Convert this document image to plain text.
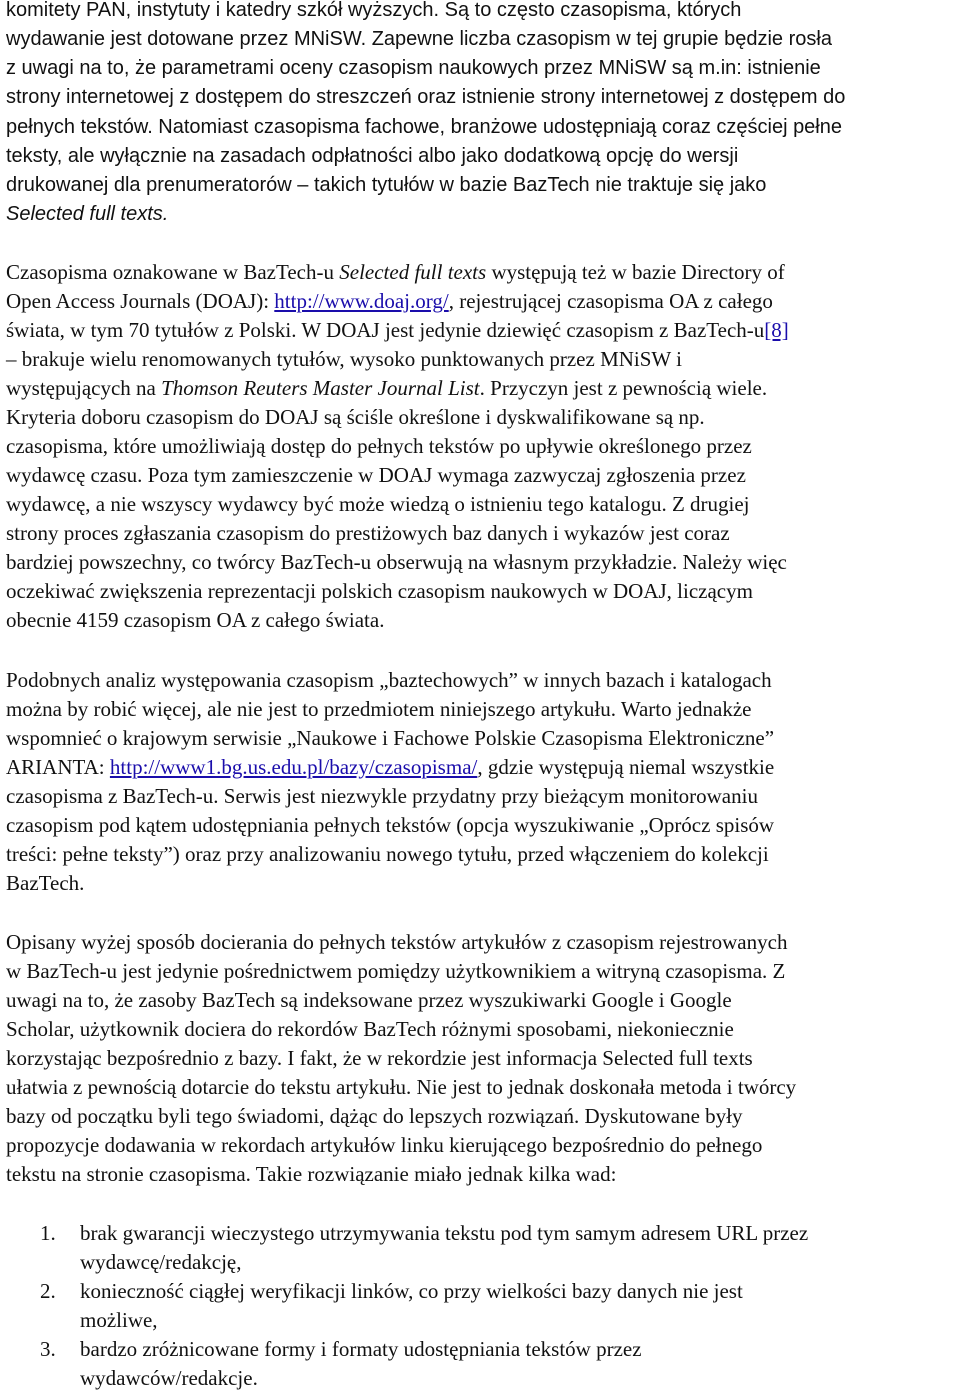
komitety PAN, instytuty i katedry szkół wyższych. Są to często czasopisma, których
wydawanie jest dotowane przez MNiSW. Zapewne liczba czasopism w tej grupie będzie rosła
z uwagi na to, że parametrami oceny czasopism naukowych przez MNiSW są m.in: istnienie
strony internetowej z dostępem do streszczeń oraz istnienie strony internetowej z dostępem do
pełnych tekstów. Natomiast czasopisma fachowe, branżowe udostępniają coraz częściej pełne
teksty, ale wyłącznie na zasadach odpłatności albo jako dodatkową opcję do wersji
drukowanej dla prenumeratorów – takich tytułów w bazie BazTech nie traktuje się jako
Selected full texts.
Czasopisma oznakowane w BazTech-u Selected full texts występują też w bazie Directory of
Open Access Journals (DOAJ): http://www.doaj.org/, rejestrującej czasopisma OA z całego
świata, w tym 70 tytułów z Polski. W DOAJ jest jedynie dziewięć czasopism z BazTech-u[8]
– brakuje wielu renomowanych tytułów, wysoko punktowanych przez MNiSW i
występujących na Thomson Reuters Master Journal List. Przyczyn jest z pewnością wiele.
Kryteria doboru czasopism do DOAJ są ściśle określone i dyskwalifikowane są np.
czasopisma, które umożliwiają dostęp do pełnych tekstów po upływie określonego przez
wydawcę czasu. Poza tym zamieszczenie w DOAJ wymaga zazwyczaj zgłoszenia przez
wydawcę, a nie wszyscy wydawcy być może wiedzą o istnieniu tego katalogu. Z drugiej
strony proces zgłaszania czasopism do prestiżowych baz danych i wykazów jest coraz
bardziej powszechny, co twórcy BazTech-u obserwują na własnym przykładzie. Należy więc
oczekiwać zwiększenia reprezentacji polskich czasopism naukowych w DOAJ, liczącym
obecnie 4159 czasopism OA z całego świata.
Podobnych analiz występowania czasopism „baztechowych” w innych bazach i katalogach
można by robić więcej, ale nie jest to przedmiotem niniejszego artykułu. Warto jednakże
wspomnieć o krajowym serwisie „Naukowe i Fachowe Polskie Czasopisma Elektroniczne”
ARIANTA: http://www1.bg.us.edu.pl/bazy/czasopisma/, gdzie występują niemal wszystkie
czasopisma z BazTech-u. Serwis jest niezwykle przydatny przy bieżącym monitorowaniu
czasopism pod kątem udostępniania pełnych tekstów (opcja wyszukiwanie „Oprócz spisów
treści: pełne teksty”) oraz przy analizowaniu nowego tytułu, przed włączeniem do kolekcji
BazTech.
Opisany wyżej sposób docierania do pełnych tekstów artykułów z czasopism rejestrowanych
w BazTech-u jest jedynie pośrednictwem pomiędzy użytkownikiem a witryną czasopisma. Z
uwagi na to, że zasoby BazTech są indeksowane przez wyszukiwarki Google i Google
Scholar, użytkownik dociera do rekordów BazTech różnymi sposobami, niekoniecznie
korzystając bezpośrednio z bazy. I fakt, że w rekordzie jest informacja Selected full texts
ułatwia z pewnością dotarcie do tekstu artykułu. Nie jest to jednak doskonała metoda i twórcy
bazy od początku byli tego świadomi, dążąc do lepszych rozwiązań. Dyskutowane były
propozycje dodawania w rekordach artykułów linku kierującego bezpośrednio do pełnego
tekstu na stronie czasopisma. Takie rozwiązanie miało jednak kilka wad:
1. brak gwarancji wieczystego utrzymywania tekstu pod tym samym adresem URL przez
wydawcę/redakcję,
2. konieczność ciągłej weryfikacji linków, co przy wielkości bazy danych nie jest
możliwe,
3. bardzo zróżnicowane formy i formaty udostępniania tekstów przez
wydawców/redakcje.
